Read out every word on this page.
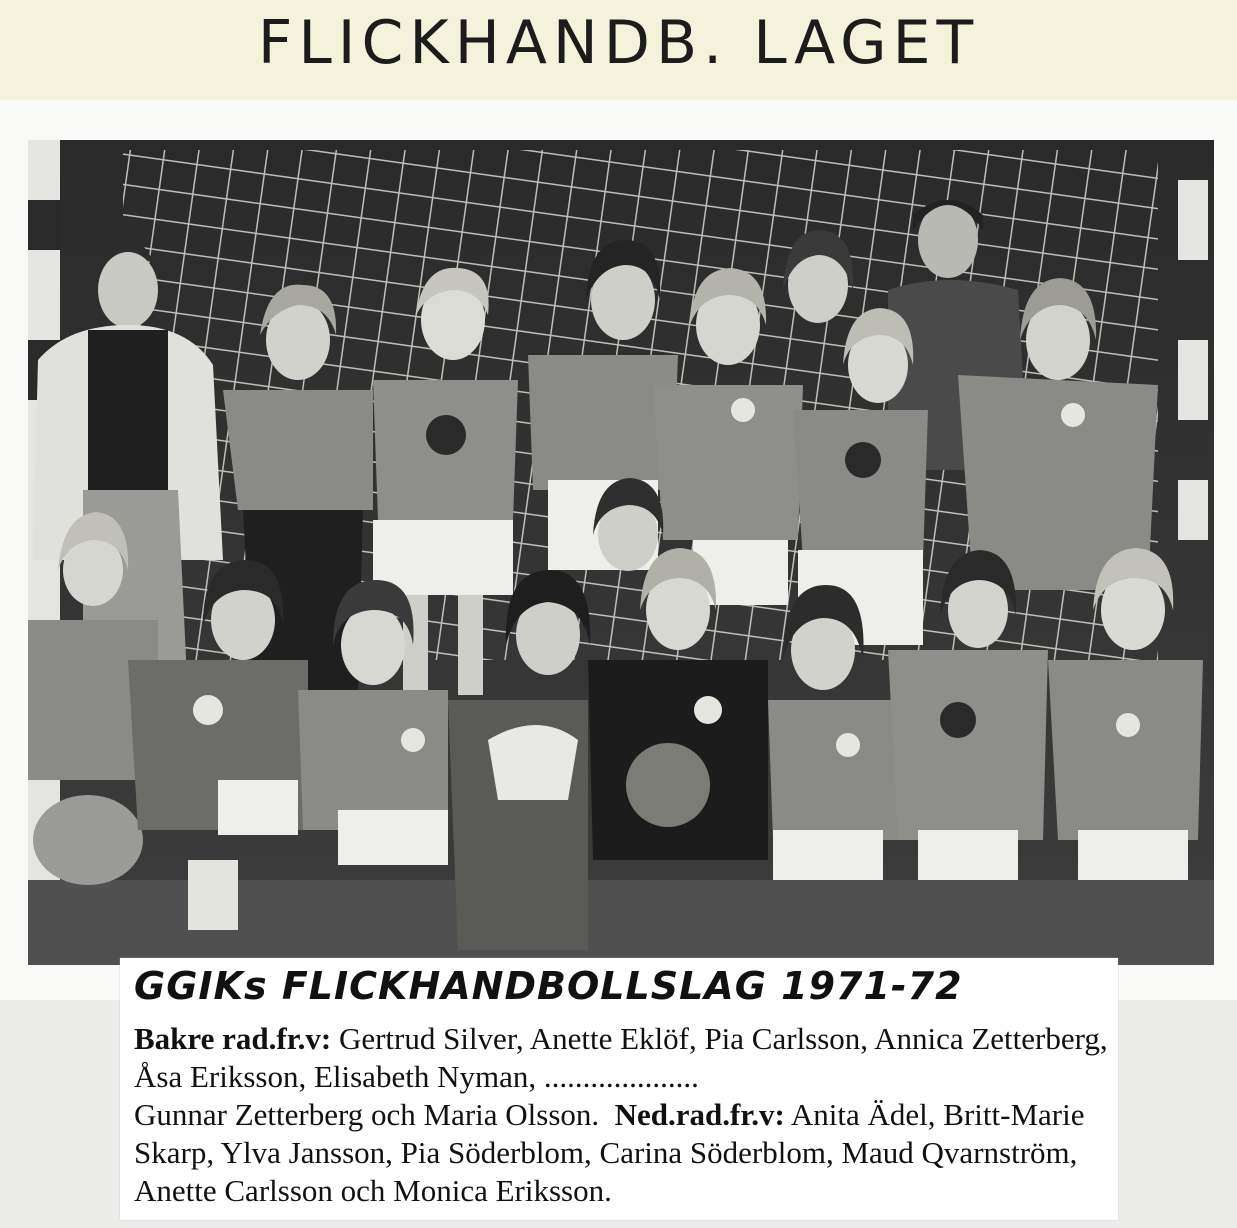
FLICKHANDB. LAGET
GGIKs FLICKHANDBOLLSLAG 1971-72
Bakre rad.fr.v: Gertrud Silver, Anette Eklöf, Pia Carlsson, Annica Zetterberg, Åsa Eriksson, Elisabeth Nyman, ....................
Gunnar Zetterberg och Maria Olsson. Ned.rad.fr.v: Anita Ädel, Britt-Marie Skarp, Ylva Jansson, Pia Söderblom, Carina Söderblom, Maud Qvarnström, Anette Carlsson och Monica Eriksson.
